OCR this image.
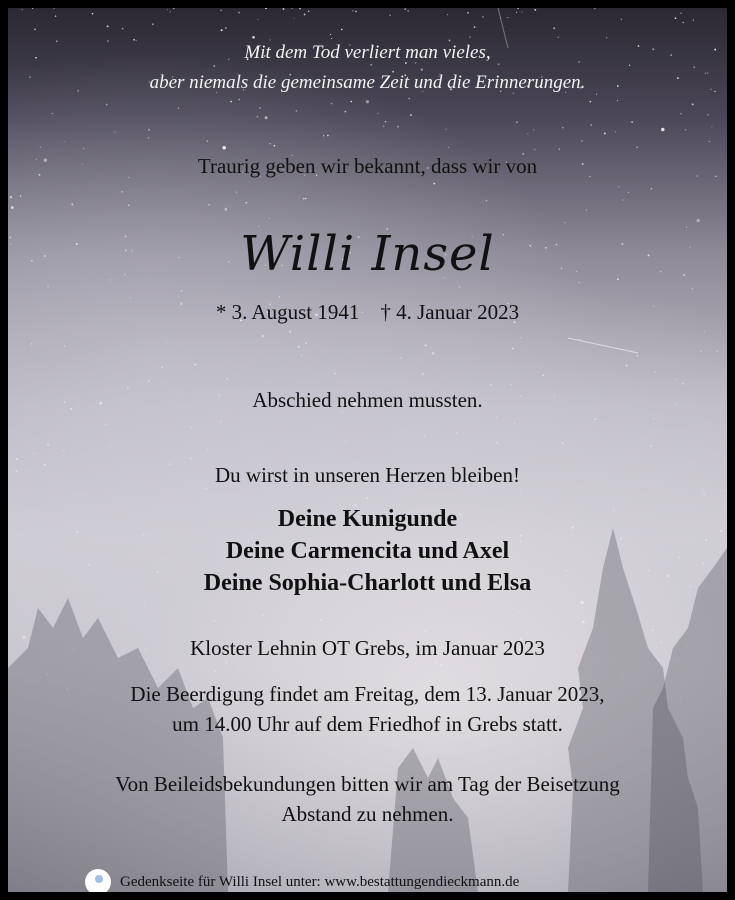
Mit dem Tod verliert man vieles,
aber niemals die gemeinsame Zeit und die Erinnerungen.
Traurig geben wir bekannt, dass wir von
Willi Insel
* 3. August 1941    † 4. Januar 2023
Abschied nehmen mussten.
Du wirst in unseren Herzen bleiben!
Deine Kunigunde
Deine Carmencita und Axel
Deine Sophia-Charlott und Elsa
Kloster Lehnin OT Grebs, im Januar 2023
Die Beerdigung findet am Freitag, dem 13. Januar 2023,
um 14.00 Uhr auf dem Friedhof in Grebs statt.
Von Beileidsbekundungen bitten wir am Tag der Beisetzung
Abstand zu nehmen.
Gedenkseite für Willi Insel unter: www.bestattungendieckmann.de
